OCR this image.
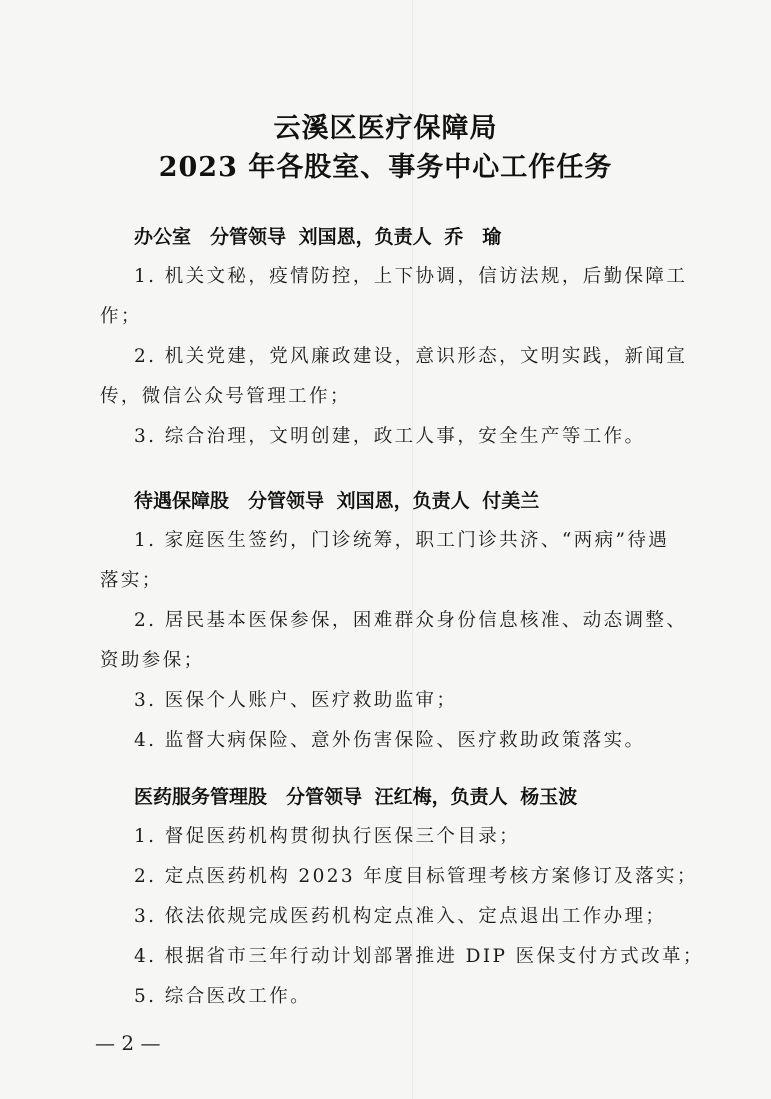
云溪区医疗保障局
2023 年各股室、事务中心工作任务
办公室　分管领导 刘国恩，负责人 乔　瑜
1. 机关文秘，疫情防控，上下协调，信访法规，后勤保障工
作；
2. 机关党建，党风廉政建设，意识形态，文明实践，新闻宣
传，微信公众号管理工作；
3. 综合治理，文明创建，政工人事，安全生产等工作。
待遇保障股　分管领导 刘国恩，负责人 付美兰
1. 家庭医生签约，门诊统筹，职工门诊共济、“两病”待遇
落实；
2. 居民基本医保参保，困难群众身份信息核准、动态调整、
资助参保；
3. 医保个人账户、医疗救助监审；
4. 监督大病保险、意外伤害保险、医疗救助政策落实。
医药服务管理股　分管领导 汪红梅，负责人 杨玉波
1. 督促医药机构贯彻执行医保三个目录；
2. 定点医药机构 2023 年度目标管理考核方案修订及落实；
3. 依法依规完成医药机构定点准入、定点退出工作办理；
4. 根据省市三年行动计划部署推进 DIP 医保支付方式改革；
5. 综合医改工作。
— 2 —
